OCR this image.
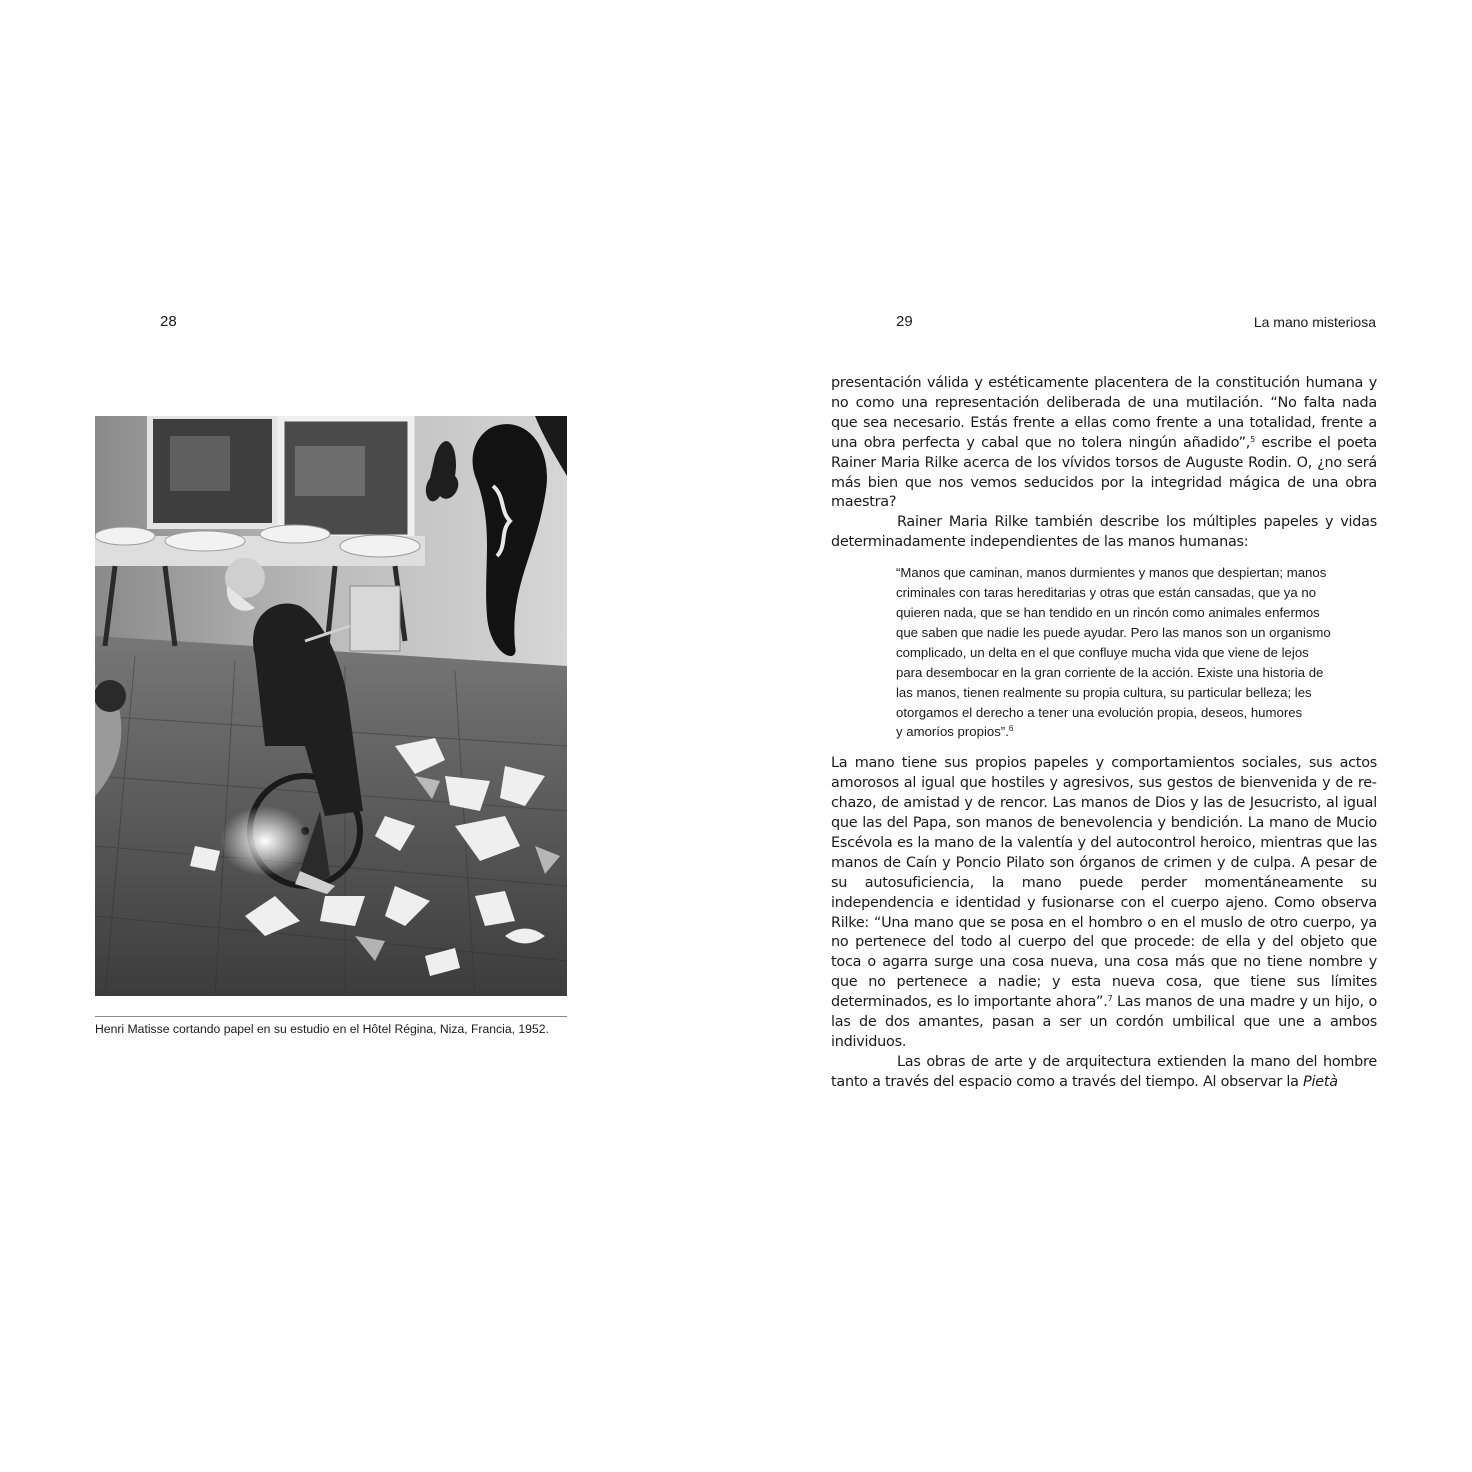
28	29	La mano misteriosa
Henri Matisse cortando papel en su estudio en el Hôtel Régina, Niza, Francia, 1952.

presentación válida y estéticamente placentera de la constitución humana y no como una representación deliberada de una mutilación. “No falta nada que sea necesario. Estás frente a ellas como frente a una totalidad, frente a una obra perfecta y cabal que no tolera ningún añadido”,$^5$ escribe el poeta Rainer Maria Rilke acerca de los vívidos torsos de Auguste Rodin. O, ¿no será más bien que nos vemos seducidos por la integridad mágica de una obra maestra?

Rainer Maria Rilke también describe los múltiples papeles y vidas determinadamente independientes de las manos humanas:

“Manos que caminan, manos durmientes y manos que despiertan; manos
criminales con taras hereditarias y otras que están cansadas, que ya no
quieren nada, que se han tendido en un rincón como animales enfermos
que saben que nadie les puede ayudar. Pero las manos son un organismo
complicado, un delta en el que confluye mucha vida que viene de lejos
para desembocar en la gran corriente de la acción. Existe una historia de
las manos, tienen realmente su propia cultura, su particular belleza; les
otorgamos el derecho a tener una evolución propia, deseos, humores
y amoríos propios”.$^6$

La mano tiene sus propios papeles y comportamientos sociales, sus actos amorosos al igual que hostiles y agresivos, sus gestos de bienvenida y de rechazo, de amistad y de rencor. Las manos de Dios y las de Jesucristo, al igual que las del Papa, son manos de benevolencia y bendición. La mano de Mucio Escévola es la mano de la valentía y del autocontrol heroico, mientras que las manos de Caín y Poncio Pilato son órganos de crimen y de culpa. A pesar de su autosuficiencia, la mano puede perder momentáneamente su independencia e identidad y fusionarse con el cuerpo ajeno. Como observa Rilke: “Una mano que se posa en el hombro o en el muslo de otro cuerpo, ya no pertenece del todo al cuerpo del que procede: de ella y del objeto que toca o agarra surge una cosa nueva, una cosa más que no tiene nombre y que no pertenece a nadie; y esta nueva cosa, que tiene sus límites determinados, es lo importante ahora”.$^7$ Las manos de una madre y un hijo, o las de dos amantes, pasan a ser un cordón umbilical que une a ambos individuos.

Las obras de arte y de arquitectura extienden la mano del hombre tanto a través del espacio como a través del tiempo. Al observar la Pietà
